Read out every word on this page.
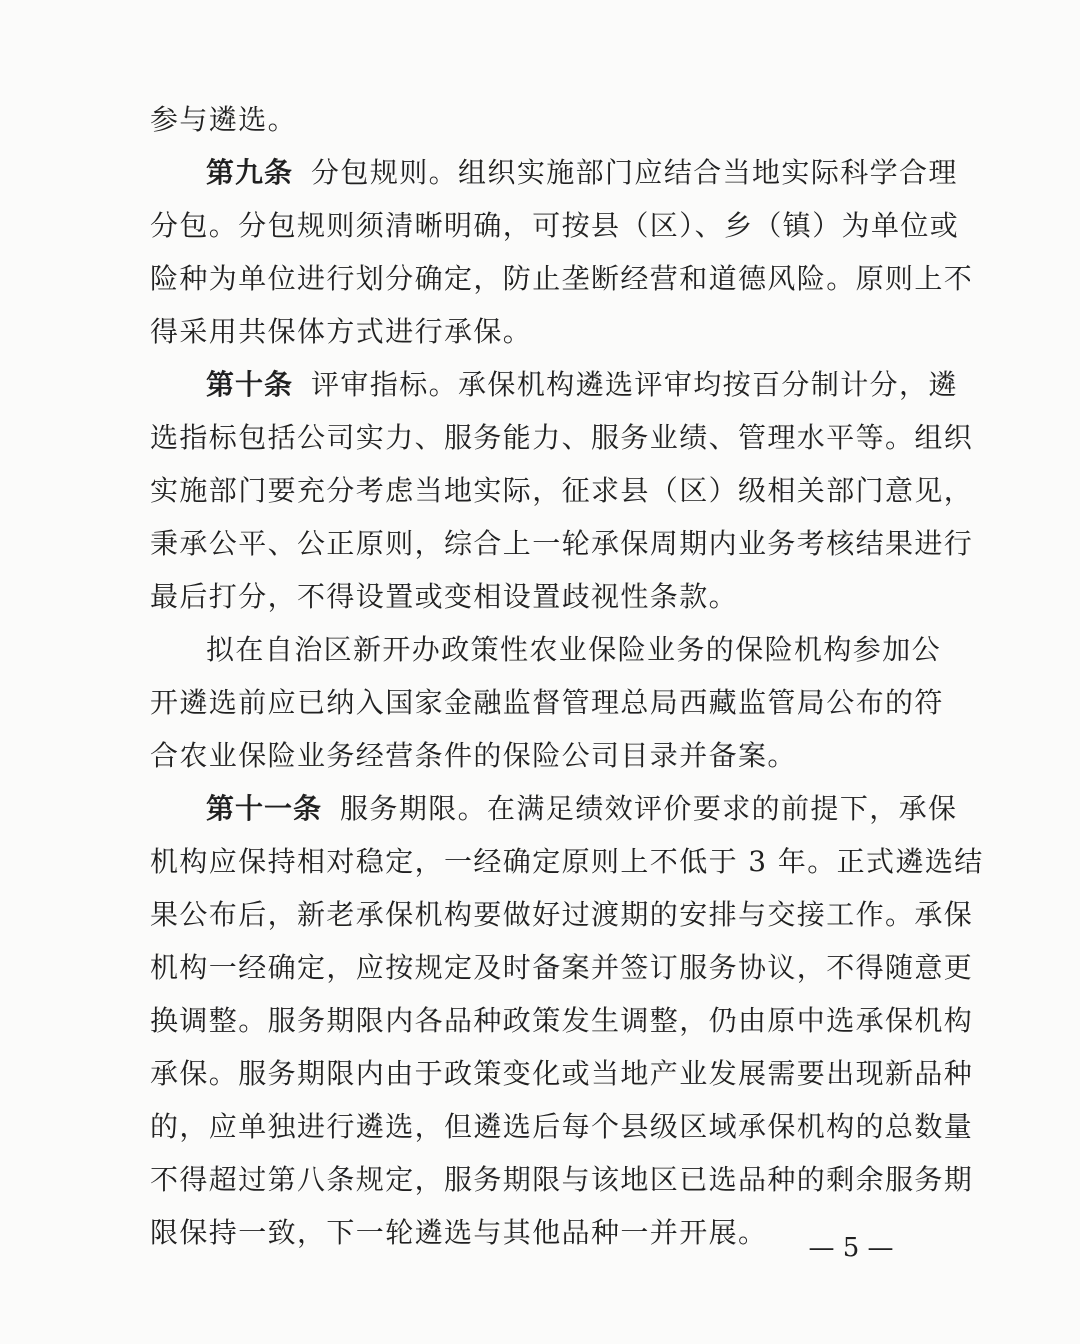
参与遴选。
第九条 分包规则。组织实施部门应结合当地实际科学合理
分包。分包规则须清晰明确，可按县（区）、乡（镇）为单位或
险种为单位进行划分确定，防止垄断经营和道德风险。原则上不
得采用共保体方式进行承保。
第十条 评审指标。承保机构遴选评审均按百分制计分，遴
选指标包括公司实力、服务能力、服务业绩、管理水平等。组织
实施部门要充分考虑当地实际，征求县（区）级相关部门意见，
秉承公平、公正原则，综合上一轮承保周期内业务考核结果进行
最后打分，不得设置或变相设置歧视性条款。
拟在自治区新开办政策性农业保险业务的保险机构参加公
开遴选前应已纳入国家金融监督管理总局西藏监管局公布的符
合农业保险业务经营条件的保险公司目录并备案。
第十一条 服务期限。在满足绩效评价要求的前提下，承保
机构应保持相对稳定，一经确定原则上不低于 3 年。正式遴选结
果公布后，新老承保机构要做好过渡期的安排与交接工作。承保
机构一经确定，应按规定及时备案并签订服务协议，不得随意更
换调整。服务期限内各品种政策发生调整，仍由原中选承保机构
承保。服务期限内由于政策变化或当地产业发展需要出现新品种
的，应单独进行遴选，但遴选后每个县级区域承保机构的总数量
不得超过第八条规定，服务期限与该地区已选品种的剩余服务期
限保持一致，下一轮遴选与其他品种一并开展。	— 5 —
